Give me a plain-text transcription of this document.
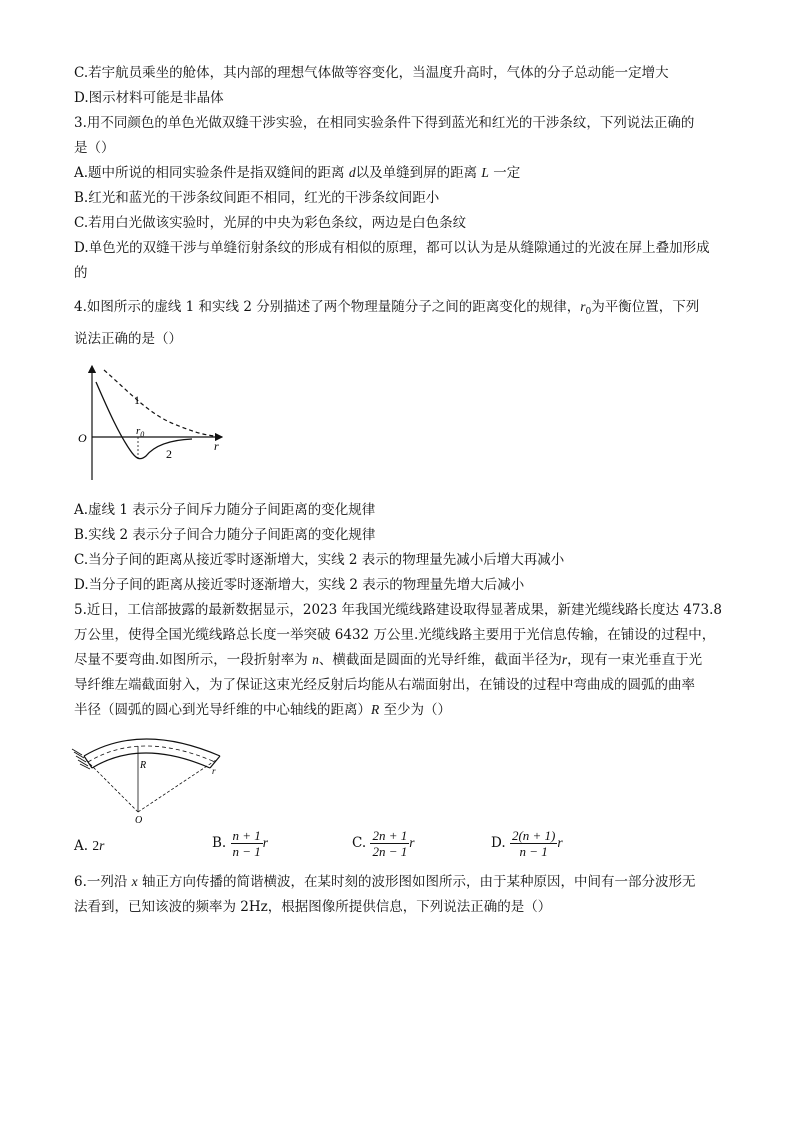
C.若宇航员乘坐的舱体，其内部的理想气体做等容变化，当温度升高时，气体的分子总动能一定增大
D.图示材料可能是非晶体
3.用不同颜色的单色光做双缝干涉实验，在相同实验条件下得到蓝光和红光的干涉条纹，下列说法正确的
是（）
A.题中所说的相同实验条件是指双缝间的距离 d以及单缝到屏的距离 L 一定
B.红光和蓝光的干涉条纹间距不相同，红光的干涉条纹间距小
C.若用白光做该实验时，光屏的中央为彩色条纹，两边是白色条纹
D.单色光的双缝干涉与单缝衍射条纹的形成有相似的原理，都可以认为是从缝隙通过的光波在屏上叠加形成
的
4.如图所示的虚线 1 和实线 2 分别描述了两个物理量随分子之间的距离变化的规律，$r_0$为平衡位置，下列
说法正确的是（）
1
2
O
r
$r_0$
A.虚线 1 表示分子间斥力随分子间距离的变化规律
B.实线 2 表示分子间合力随分子间距离的变化规律
C.当分子间的距离从接近零时逐渐增大，实线 2 表示的物理量先减小后增大再减小
D.当分子间的距离从接近零时逐渐增大，实线 2 表示的物理量先增大后减小
5.近日，工信部披露的最新数据显示，2023 年我国光缆线路建设取得显著成果，新建光缆线路长度达 473.8
万公里，使得全国光缆线路总长度一举突破 6432 万公里.光缆线路主要用于光信息传输，在铺设的过程中，
尽量不要弯曲.如图所示，一段折射率为 n、横截面是圆面的光导纤维，截面半径为r，现有一束光垂直于光
导纤维左端截面射入，为了保证这束光经反射后均能从右端面射出，在铺设的过程中弯曲成的圆弧的曲率
半径（圆弧的圆心到光导纤维的中心轴线的距离）R 至少为（）
R	r
O
A. 2r	B. $\frac{n + 1}{n - 1}$ r	C. $\frac{2n + 1}{2n - 1}$ r	D. $\frac{2(n + 1)}{n - 1}$ r
6.一列沿 x 轴正方向传播的简谐横波，在某时刻的波形图如图所示，由于某种原因，中间有一部分波形无
法看到，已知该波的频率为 2Hz，根据图像所提供信息，下列说法正确的是（）
